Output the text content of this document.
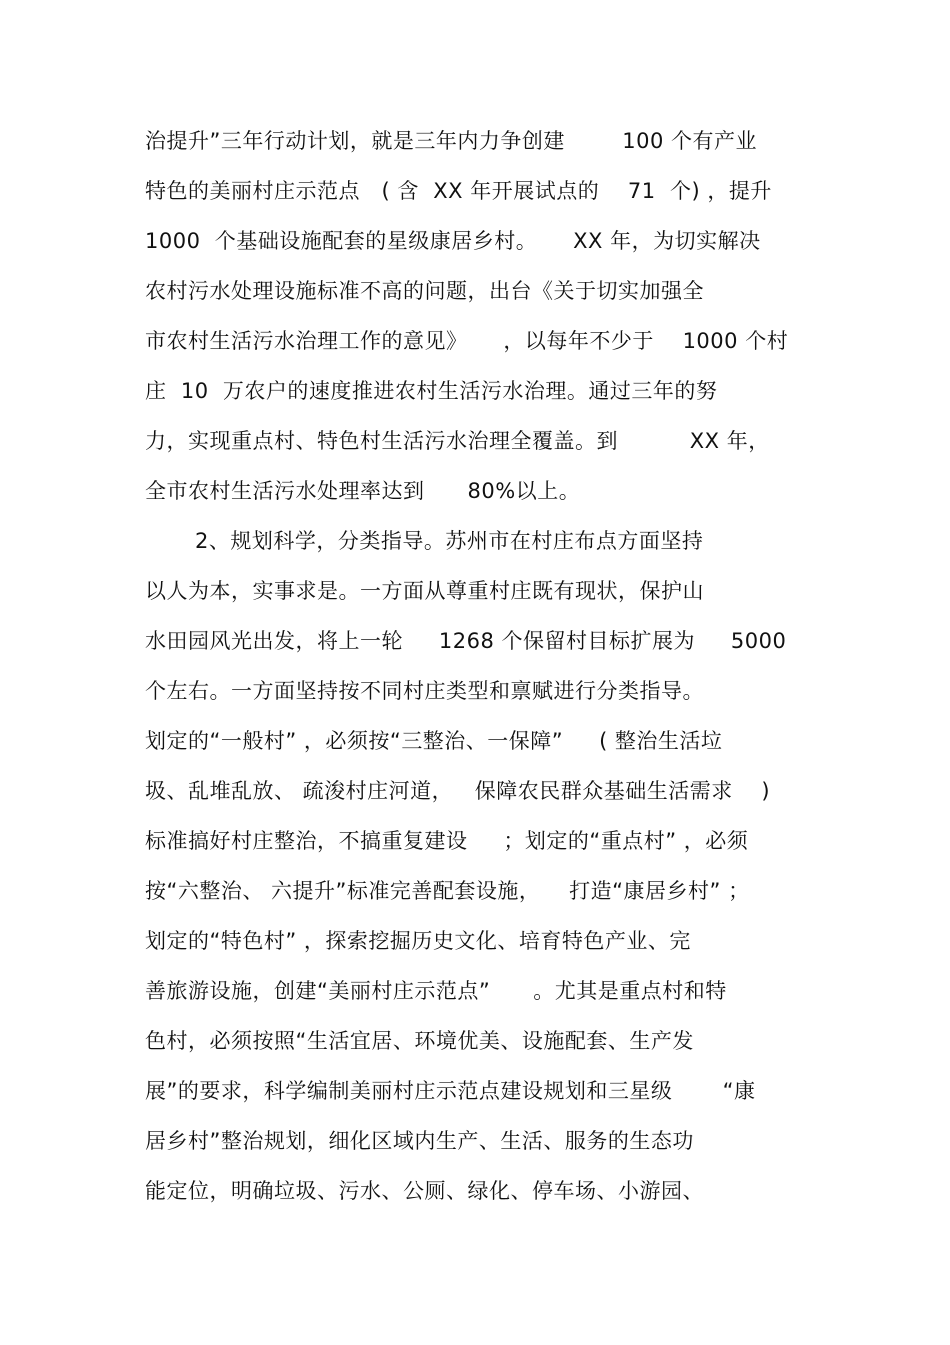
治提升”三年行动计划，就是三年内力争创建        100 个有产业
特色的美丽村庄示范点   ( 含  XX 年开展试点的    71  个) ，提升
1000  个基础设施配套的星级康居乡村。     XX 年，为切实解决
农村污水处理设施标准不高的问题，出台《关于切实加强全
市农村生活污水治理工作的意见》     ，以每年不少于    1000 个村
庄  10  万农户的速度推进农村生活污水治理。通过三年的努
力，实现重点村、特色村生活污水治理全覆盖。到          XX 年，
全市农村生活污水处理率达到      80%以上。
2、规划科学，分类指导。苏州市在村庄布点方面坚持
以人为本，实事求是。一方面从尊重村庄既有现状，保护山
水田园风光出发，将上一轮     1268 个保留村目标扩展为     5000
个左右。一方面坚持按不同村庄类型和禀赋进行分类指导。
划定的“一般村” ，必须按“三整治、一保障”     ( 整治生活垃
圾、乱堆乱放、 疏浚村庄河道，   保障农民群众基础生活需求    )
标准搞好村庄整治，不搞重复建设     ；划定的“重点村” ，必须
按“六整治、 六提升”标准完善配套设施，    打造“康居乡村” ；
划定的“特色村” ，探索挖掘历史文化、培育特色产业、完
善旅游设施，创建“美丽村庄示范点”      。尤其是重点村和特
色村，必须按照“生活宜居、环境优美、设施配套、生产发
展”的要求，科学编制美丽村庄示范点建设规划和三星级       “康
居乡村”整治规划，细化区域内生产、生活、服务的生态功
能定位，明确垃圾、污水、公厕、绿化、停车场、小游园、
